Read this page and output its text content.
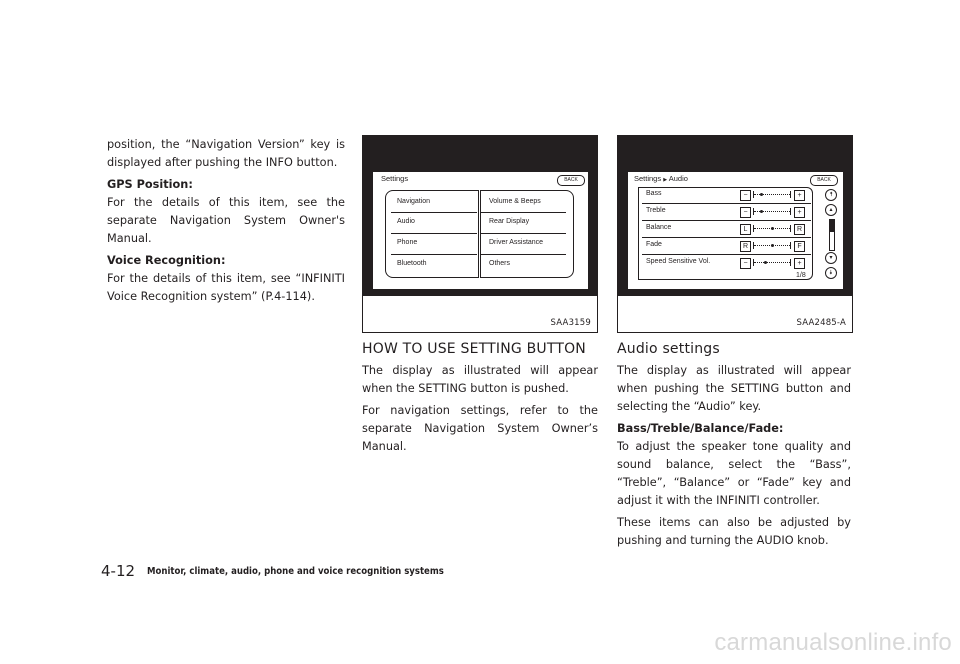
position, the “Navigation Version” key is displayed after pushing the INFO button.

GPS Position:

For the details of this item, see the separate Navigation System Owner's Manual.

Voice Recognition:

For the details of this item, see “INFINITI Voice Recognition system” (P.4-114).

Settings	BACK
Navigation
Audio
Phone
Bluetooth
Volume & Beeps
Rear Display
Driver Assistance
Others
SAA3159
Settings ▶ Audio	BACK
Bass	−	+
Treble	−	+
Balance	L	R
Fade	R	F
Speed Sensitive Vol.	−	+
1/8
⯭
▴
▾
⯯
SAA2485-A
HOW TO USE SETTING BUTTON

The display as illustrated will appear when the SETTING button is pushed.

For navigation settings, refer to the separate Navigation System Owner’s Manual.

Audio settings

The display as illustrated will appear when pushing the SETTING button and selecting the “Audio” key.

Bass/Treble/Balance/Fade:

To adjust the speaker tone quality and sound balance, select the “Bass”, “Treble”, “Balance” or “Fade” key and adjust it with the INFINITI controller.

These items can also be adjusted by pushing and turning the AUDIO knob.

4-12 Monitor, climate, audio, phone and voice recognition systems
carmanualsonline.info
